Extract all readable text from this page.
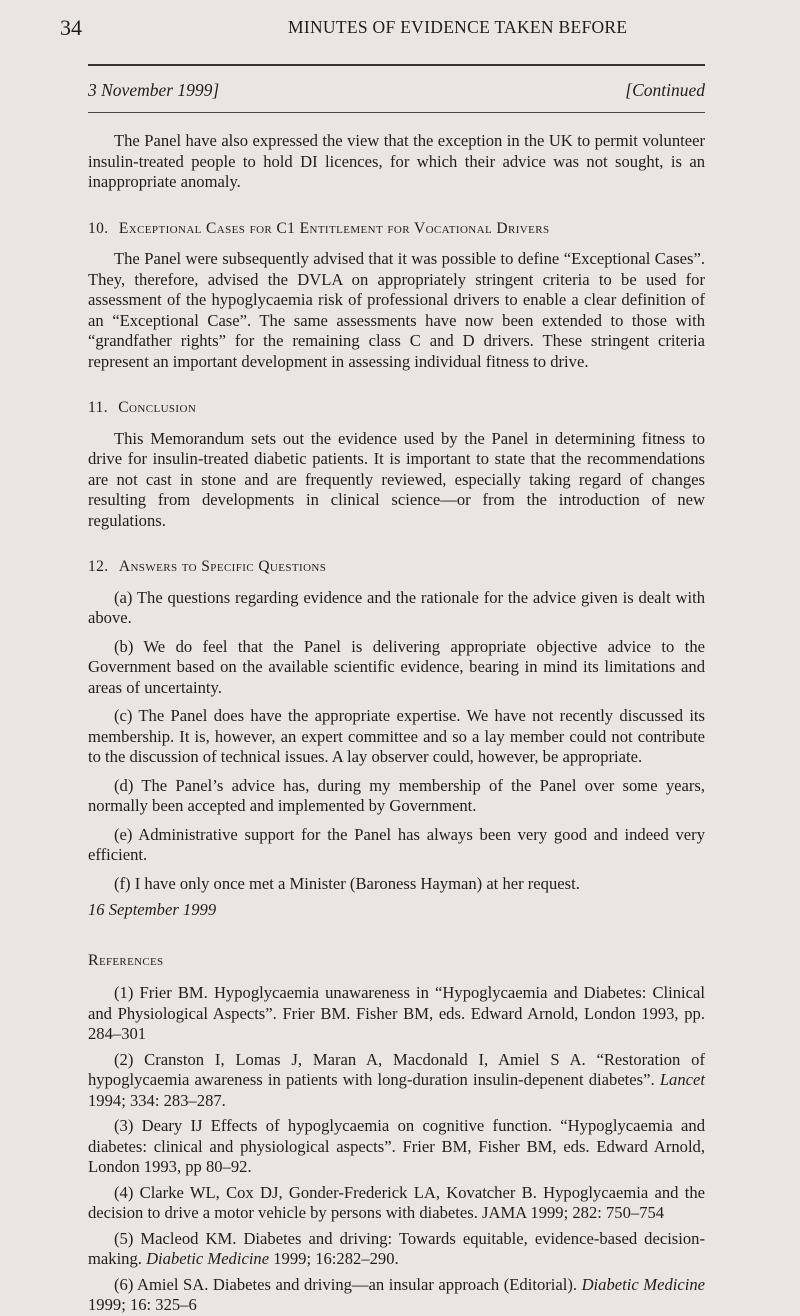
34	MINUTES OF EVIDENCE TAKEN BEFORE
3 November 1999]	[Continued

The Panel have also expressed the view that the exception in the UK to permit volunteer insulin-treated people to hold DI licences, for which their advice was not sought, is an inappropriate anomaly.

10. Exceptional Cases for C1 Entitlement for Vocational Drivers

The Panel were subsequently advised that it was possible to define “Exceptional Cases”. They, therefore, advised the DVLA on appropriately stringent criteria to be used for assessment of the hypoglycaemia risk of professional drivers to enable a clear definition of an “Exceptional Case”. The same assessments have now been extended to those with “grandfather rights” for the remaining class C and D drivers. These stringent criteria represent an important development in assessing individual fitness to drive.

11. Conclusion

This Memorandum sets out the evidence used by the Panel in determining fitness to drive for insulin-treated diabetic patients. It is important to state that the recommendations are not cast in stone and are frequently reviewed, especially taking regard of changes resulting from developments in clinical science—or from the introduction of new regulations.

12. Answers to Specific Questions

(a) The questions regarding evidence and the rationale for the advice given is dealt with above.

(b) We do feel that the Panel is delivering appropriate objective advice to the Government based on the available scientific evidence, bearing in mind its limitations and areas of uncertainty.

(c) The Panel does have the appropriate expertise. We have not recently discussed its membership. It is, however, an expert committee and so a lay member could not contribute to the discussion of technical issues. A lay observer could, however, be appropriate.

(d) The Panel’s advice has, during my membership of the Panel over some years, normally been accepted and implemented by Government.

(e) Administrative support for the Panel has always been very good and indeed very efficient.

(f) I have only once met a Minister (Baroness Hayman) at her request.

16 September 1999

References

(1) Frier BM. Hypoglycaemia unawareness in “Hypoglycaemia and Diabetes: Clinical and Physiological Aspects”. Frier BM. Fisher BM, eds. Edward Arnold, London 1993, pp. 284–301

(2) Cranston I, Lomas J, Maran A, Macdonald I, Amiel S A. “Restoration of hypoglycaemia awareness in patients with long-duration insulin-depenent diabetes”. Lancet 1994; 334: 283–287.

(3) Deary IJ Effects of hypoglycaemia on cognitive function. “Hypoglycaemia and diabetes: clinical and physiological aspects”. Frier BM, Fisher BM, eds. Edward Arnold, London 1993, pp 80–92.

(4) Clarke WL, Cox DJ, Gonder-Frederick LA, Kovatcher B. Hypoglycaemia and the decision to drive a motor vehicle by persons with diabetes. JAMA 1999; 282: 750–754

(5) Macleod KM. Diabetes and driving: Towards equitable, evidence-based decision-making. Diabetic Medicine 1999; 16:282–290.

(6) Amiel SA. Diabetes and driving—an insular approach (Editorial). Diabetic Medicine 1999; 16: 325–6
